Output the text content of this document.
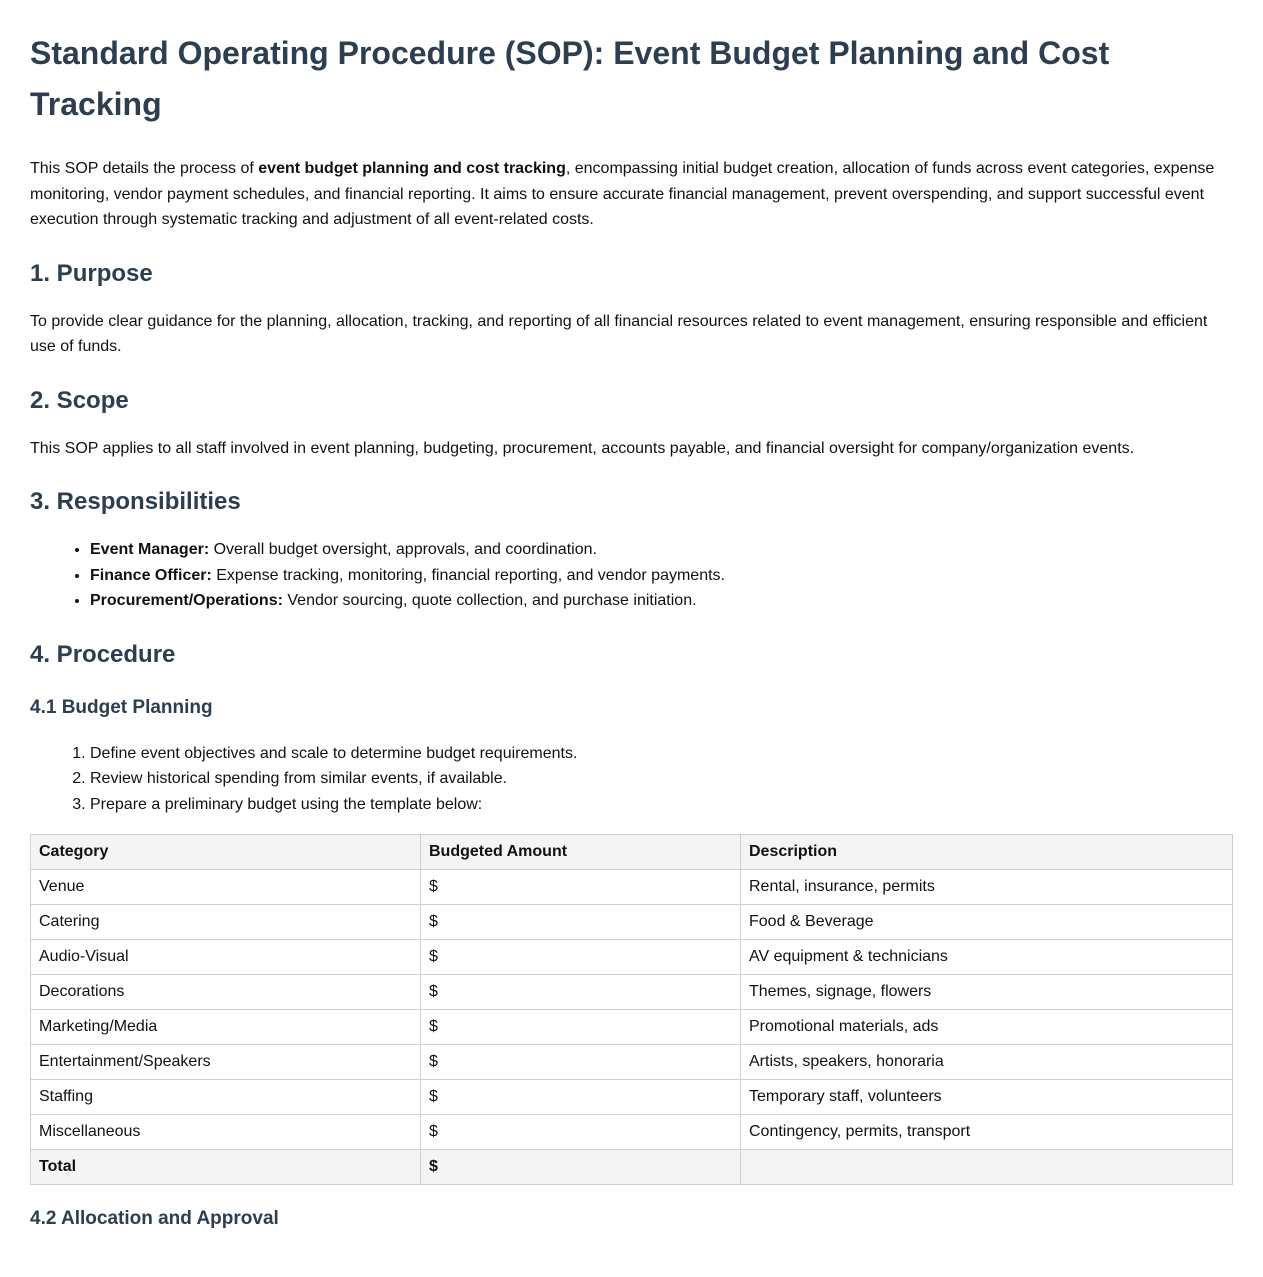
Standard Operating Procedure (SOP): Event Budget Planning and Cost Tracking

This SOP details the process of event budget planning and cost tracking, encompassing initial budget creation, allocation of funds across event categories, expense monitoring, vendor payment schedules, and financial reporting. It aims to ensure accurate financial management, prevent overspending, and support successful event execution through systematic tracking and adjustment of all event-related costs.

1. Purpose

To provide clear guidance for the planning, allocation, tracking, and reporting of all financial resources related to event management, ensuring responsible and efficient use of funds.

2. Scope

This SOP applies to all staff involved in event planning, budgeting, procurement, accounts payable, and financial oversight for company/organization events.

3. Responsibilities
• Event Manager: Overall budget oversight, approvals, and coordination.
• Finance Officer: Expense tracking, monitoring, financial reporting, and vendor payments.
• Procurement/Operations: Vendor sourcing, quote collection, and purchase initiation.
4. Procedure
4.1 Budget Planning
1. Define event objectives and scale to determine budget requirements.
2. Review historical spending from similar events, if available.
3. Prepare a preliminary budget using the template below:
Category	Budgeted Amount	Description
Venue	$	Rental, insurance, permits
Catering	$	Food & Beverage
Audio-Visual	$	AV equipment & technicians
Decorations	$	Themes, signage, flowers
Marketing/Media	$	Promotional materials, ads
Entertainment/Speakers	$	Artists, speakers, honoraria
Staffing	$	Temporary staff, volunteers
Miscellaneous	$	Contingency, permits, transport
Total	$	
4.2 Allocation and Approval
